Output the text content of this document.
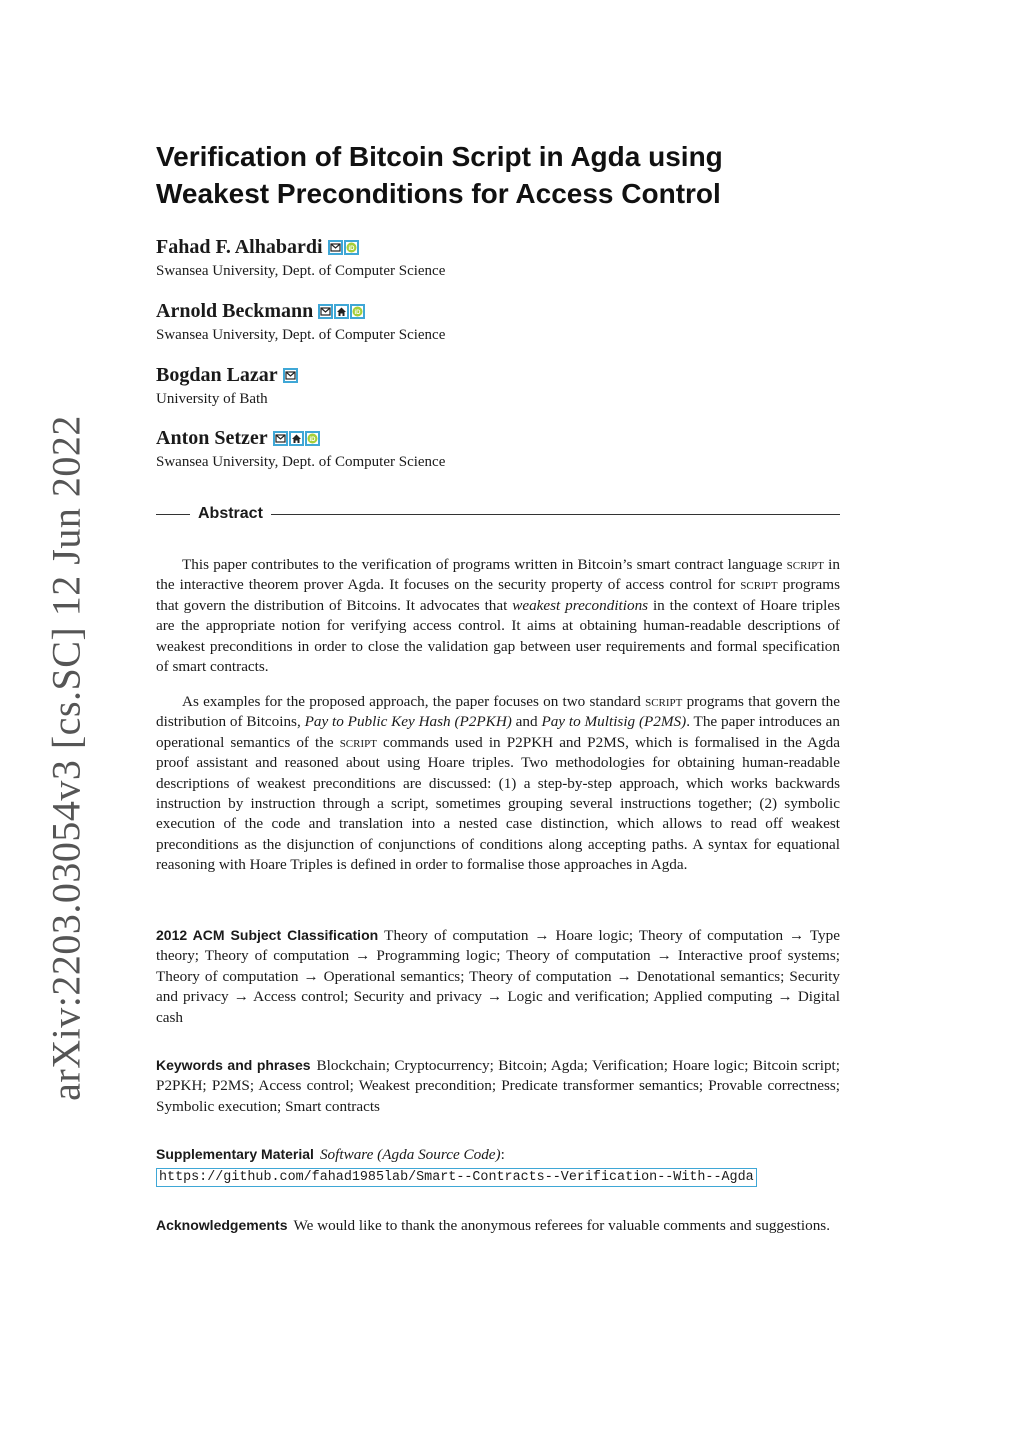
arXiv:2203.03054v3 [cs.SC] 12 Jun 2022
Verification of Bitcoin Script in Agda using
Weakest Preconditions for Access Control
Fahad F. Alhabardi	iD
Swansea University, Dept. of Computer Science
Arnold Beckmann	iD
Swansea University, Dept. of Computer Science
Bogdan Lazar
University of Bath
Anton Setzer	iD
Swansea University, Dept. of Computer Science
Abstract
This paper contributes to the verification of programs written in Bitcoin’s smart contract language script in the interactive theorem prover Agda. It focuses on the security property of access control for script programs that govern the distribution of Bitcoins. It advocates that weakest preconditions in the context of Hoare triples are the appropriate notion for verifying access control. It aims at obtaining human-readable descriptions of weakest preconditions in order to close the validation gap between user requirements and formal specification of smart contracts.
As examples for the proposed approach, the paper focuses on two standard script programs that govern the distribution of Bitcoins, Pay to Public Key Hash (P2PKH) and Pay to Multisig (P2MS). The paper introduces an operational semantics of the script commands used in P2PKH and P2MS, which is formalised in the Agda proof assistant and reasoned about using Hoare triples. Two methodologies for obtaining human-readable descriptions of weakest preconditions are discussed: (1) a step-by-step approach, which works backwards instruction by instruction through a script, sometimes grouping several instructions together; (2) symbolic execution of the code and translation into a nested case distinction, which allows to read off weakest preconditions as the disjunction of conjunctions of conditions along accepting paths. A syntax for equational reasoning with Hoare Triples is defined in order to formalise those approaches in Agda.
2012 ACM Subject Classification Theory of computation → Hoare logic; Theory of computation → Type theory; Theory of computation → Programming logic; Theory of computation → Interactive proof systems; Theory of computation → Operational semantics; Theory of computation → Denotational semantics; Security and privacy → Access control; Security and privacy → Logic and verification; Applied computing → Digital cash
Keywords and phrases Blockchain; Cryptocurrency; Bitcoin; Agda; Verification; Hoare logic; Bitcoin script; P2PKH; P2MS; Access control; Weakest precondition; Predicate transformer semantics; Provable correctness; Symbolic execution; Smart contracts
Supplementary Material Software (Agda Source Code):
https://github.com/fahad1985lab/Smart--Contracts--Verification--With--Agda
Acknowledgements We would like to thank the anonymous referees for valuable comments and suggestions.
